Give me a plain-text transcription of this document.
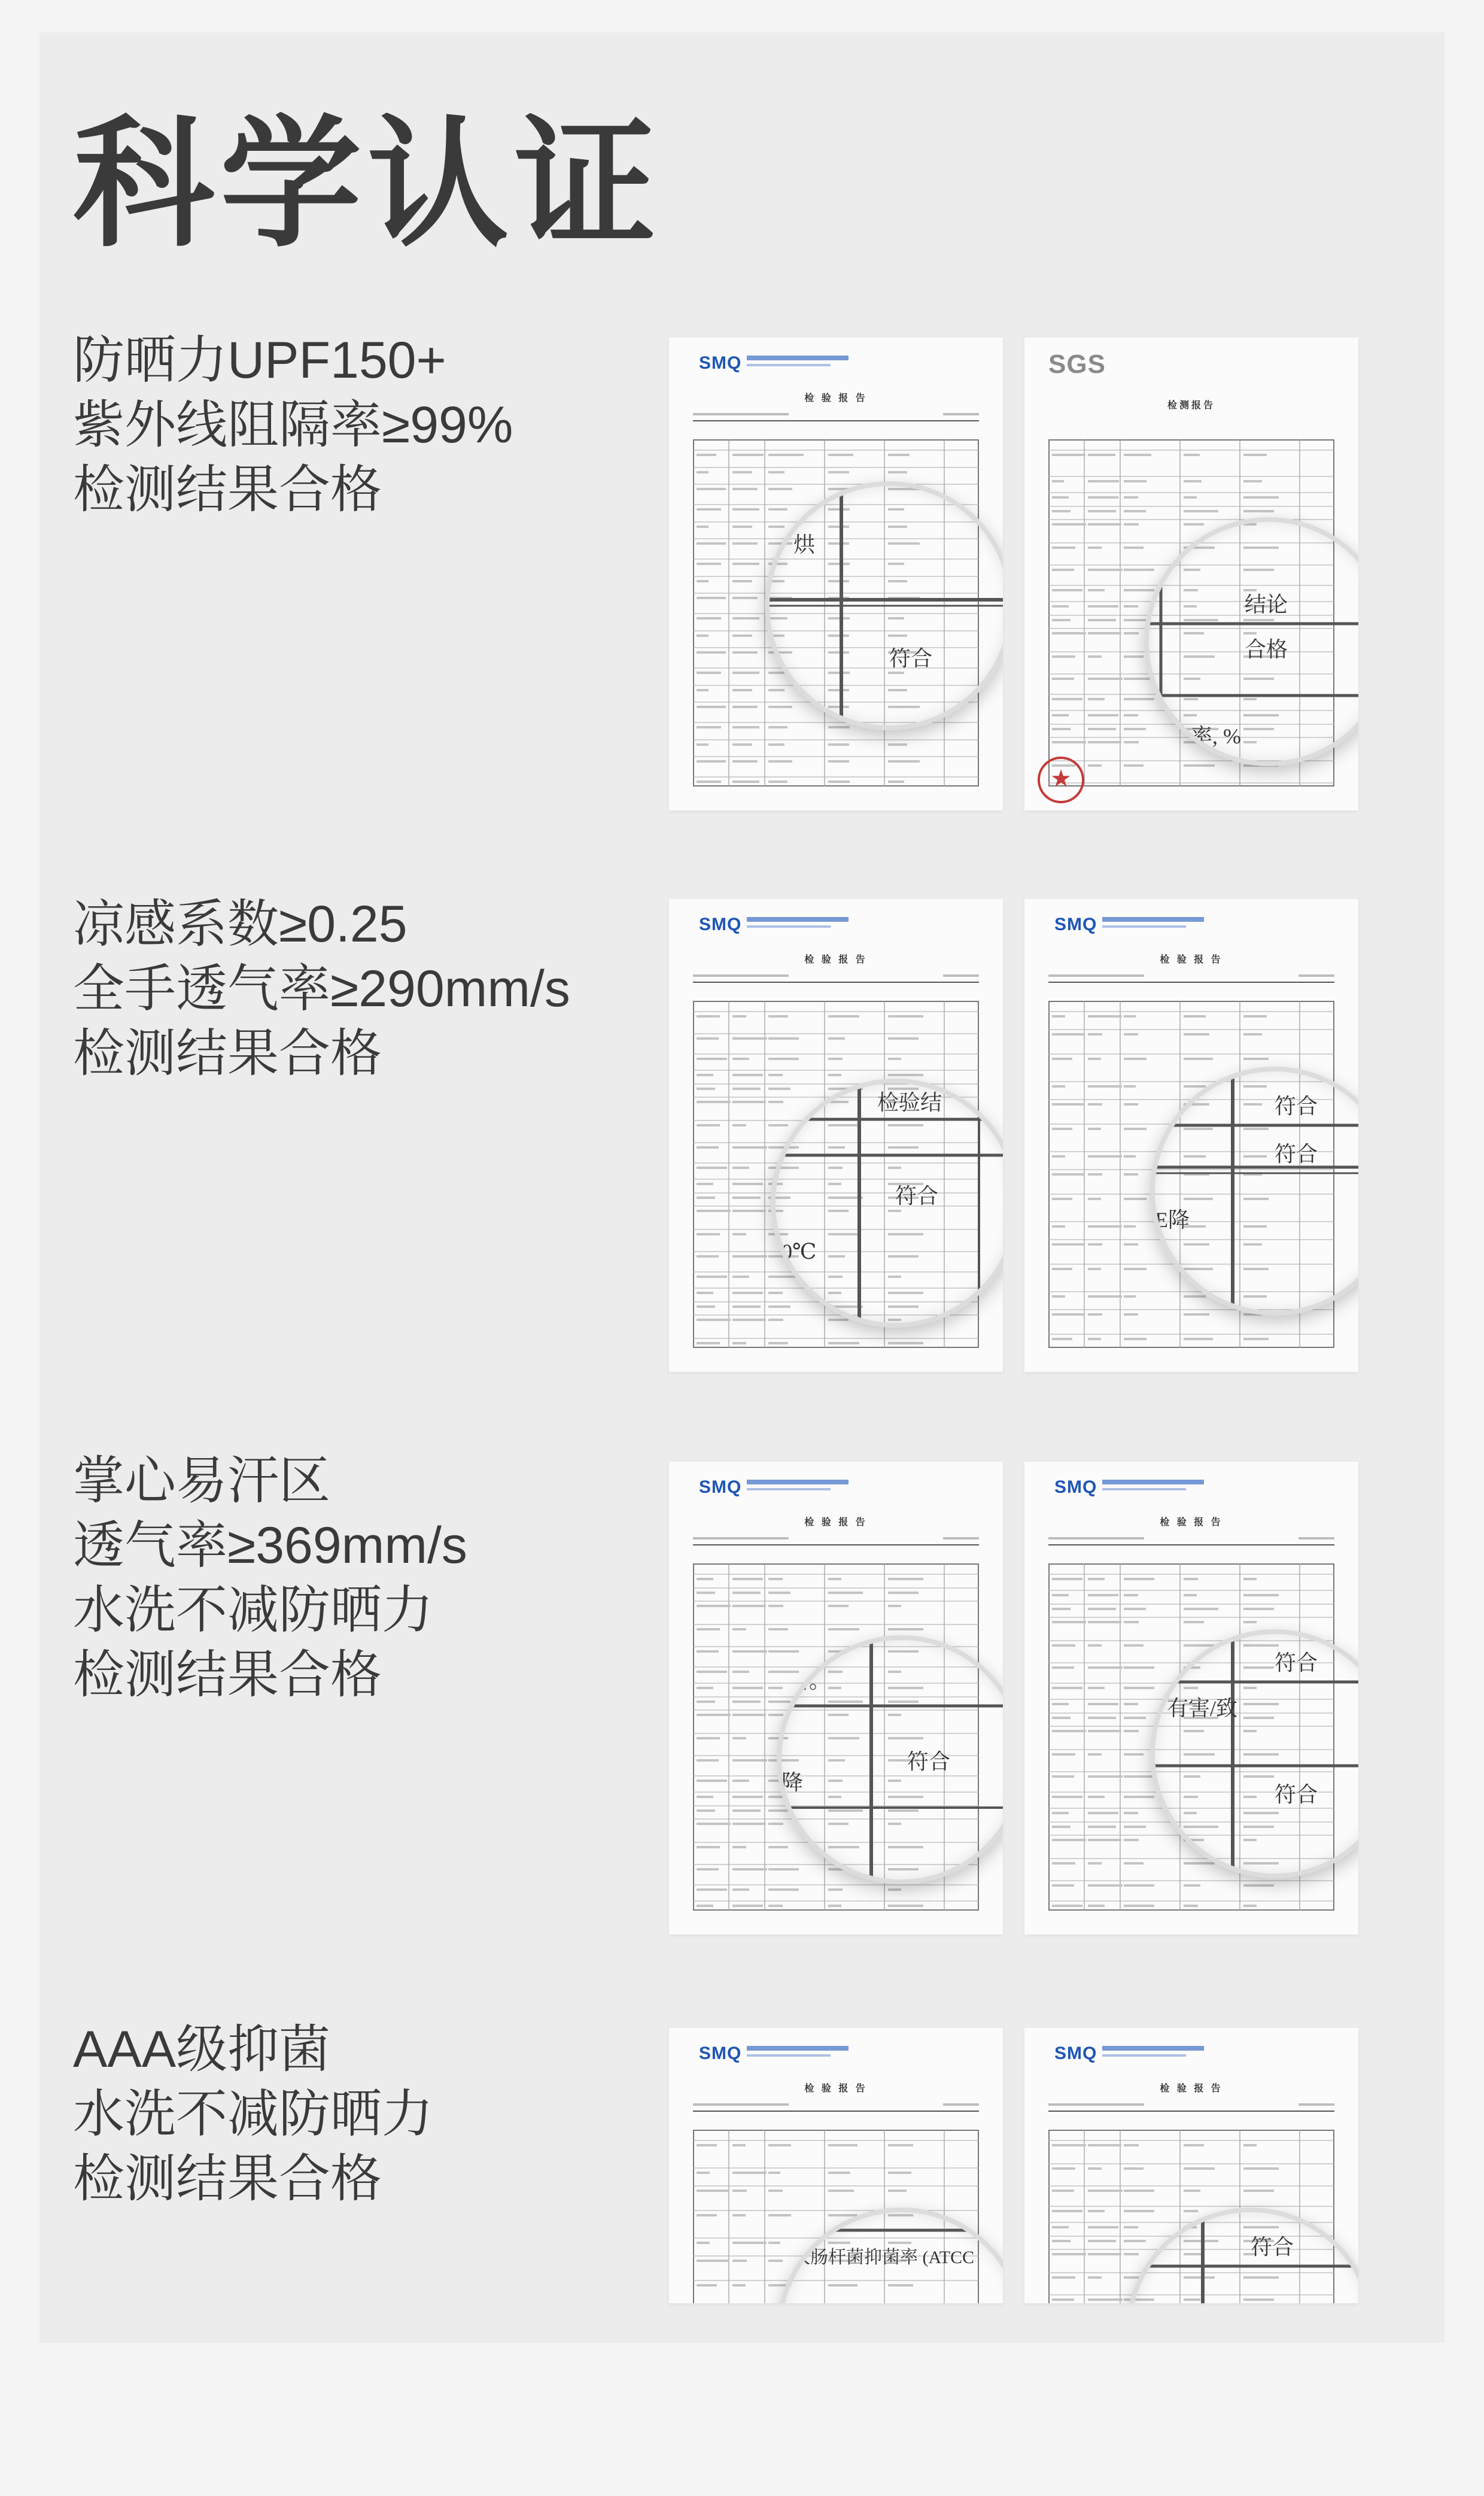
科学认证
防晒力UPF150+
紫外线阻隔率≥99%
检测结果合格
SMQ
检 验 报 告
烘
符合
SGS
检测报告
★
结论
合格
率, %
凉感系数≥0.25
全手透气率≥290mm/s
检测结果合格
SMQ
检 验 报 告
检验结
符合
0℃
SMQ
检 验 报 告
符合
符合
E降
掌心易汗区
透气率≥369mm/s
水洗不减防晒力
检测结果合格
SMQ
检 验 报 告
断。
符合
降
SMQ
检 验 报 告
符合
有害/致
符合
AAA级抑菌
水洗不减防晒力
检测结果合格
SMQ
检 验 报 告
大肠杆菌抑菌率 (ATCC
SMQ
检 验 报 告
符合
